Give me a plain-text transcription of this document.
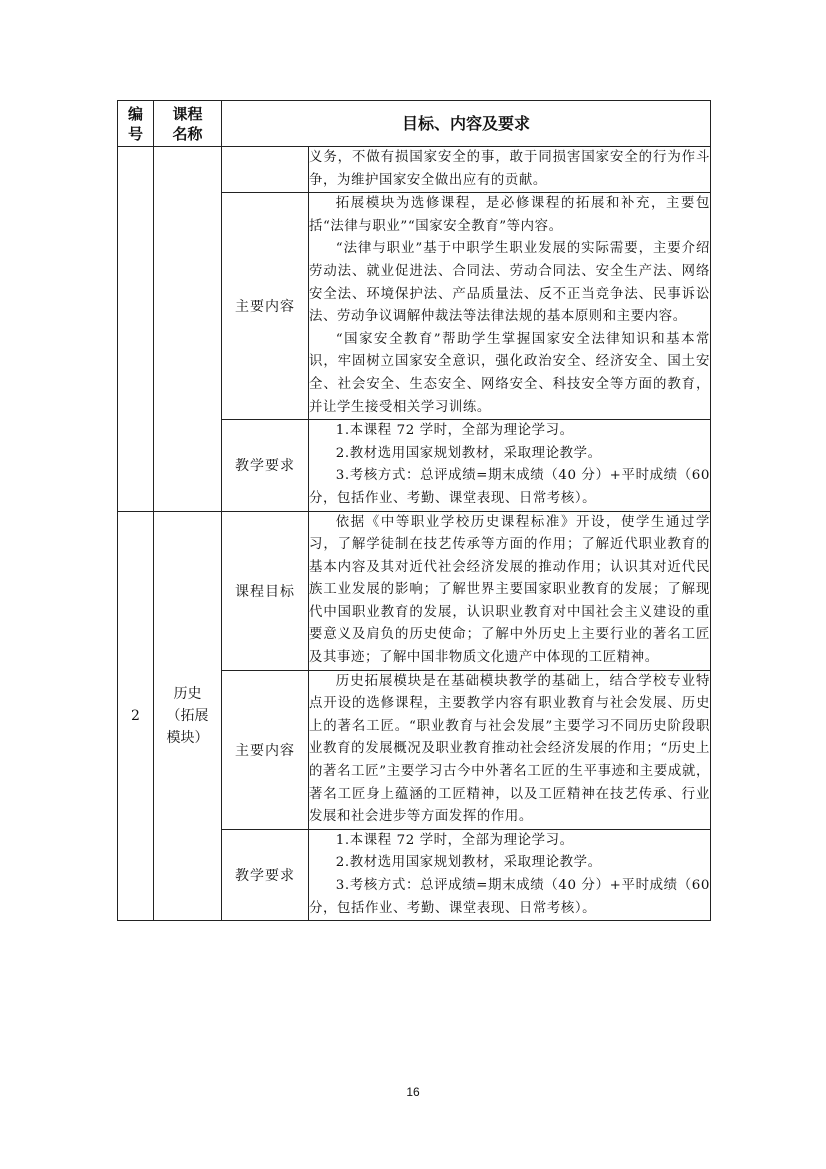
编号	课程名称	目标、内容及要求	

			义务，不做有损国家安全的事，敢于同损害国家安全的行为作斗争，为维护国家安全做出应有的贡献。

		主要内容	拓展模块为选修课程，是必修课程的拓展和补充，主要包括“法律与职业”“国家安全教育”等内容。

“法律与职业”基于中职学生职业发展的实际需要，主要介绍劳动法、就业促进法、合同法、劳动合同法、安全生产法、网络安全法、环境保护法、产品质量法、反不正当竞争法、民事诉讼法、劳动争议调解仲裁法等法律法规的基本原则和主要内容。

“国家安全教育”帮助学生掌握国家安全法律知识和基本常识，牢固树立国家安全意识，强化政治安全、经济安全、国土安全、社会安全、生态安全、网络安全、科技安全等方面的教育，并让学生接受相关学习训练。

		教学要求	1.本课程 72 学时，全部为理论学习。

2.教材选用国家规划教材，采取理论教学。

3.考核方式：总评成绩=期末成绩（40 分）+平时成绩（60 分，包括作业、考勤、课堂表现、日常考核）。

2	历史（拓展模块）	课程目标	依据《中等职业学校历史课程标准》开设，使学生通过学习，了解学徒制在技艺传承等方面的作用；了解近代职业教育的基本内容及其对近代社会经济发展的推动作用；认识其对近代民族工业发展的影响；了解世界主要国家职业教育的发展；了解现代中国职业教育的发展，认识职业教育对中国社会主义建设的重要意义及肩负的历史使命；了解中外历史上主要行业的著名工匠及其事迹；了解中国非物质文化遗产中体现的工匠精神。

		主要内容	历史拓展模块是在基础模块教学的基础上，结合学校专业特点开设的选修课程，主要教学内容有职业教育与社会发展、历史上的著名工匠。“职业教育与社会发展”主要学习不同历史阶段职业教育的发展概况及职业教育推动社会经济发展的作用；“历史上的著名工匠”主要学习古今中外著名工匠的生平事迹和主要成就，著名工匠身上蕴涵的工匠精神，以及工匠精神在技艺传承、行业发展和社会进步等方面发挥的作用。

		教学要求	1.本课程 72 学时，全部为理论学习。

2.教材选用国家规划教材，采取理论教学。

3.考核方式：总评成绩=期末成绩（40 分）+平时成绩（60 分，包括作业、考勤、课堂表现、日常考核）。

16
